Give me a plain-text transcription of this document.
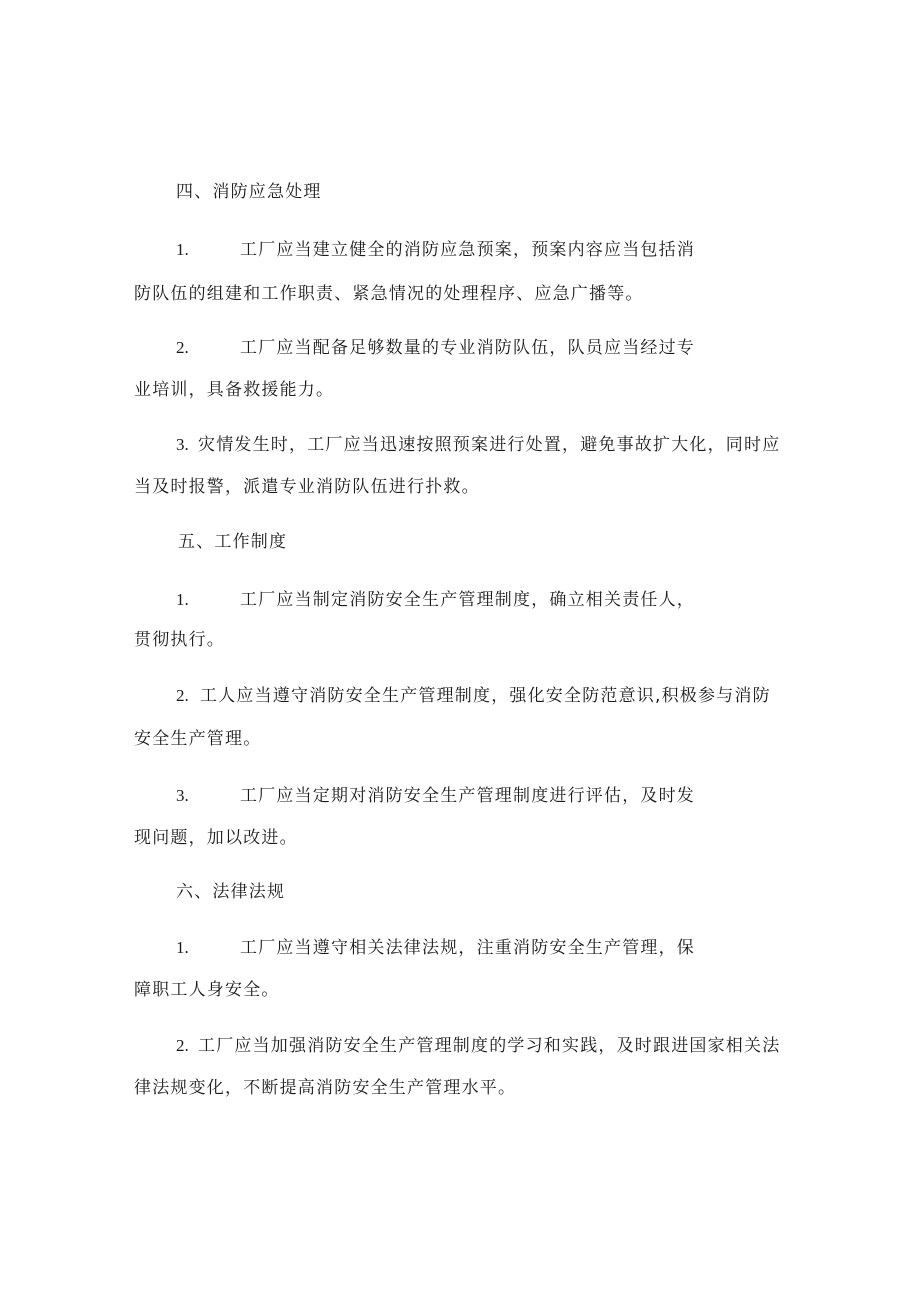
四、消防应急处理
1.	工厂应当建立健全的消防应急预案，预案内容应当包括消
防队伍的组建和工作职责、紧急情况的处理程序、应急广播等。
2.	工厂应当配备足够数量的专业消防队伍，队员应当经过专
业培训，具备救援能力。
3. 灾情发生时，工厂应当迅速按照预案进行处置，避免事故扩大化，同时应
当及时报警，派遣专业消防队伍进行扑救。
五、工作制度
1.	工厂应当制定消防安全生产管理制度，确立相关责任人，
贯彻执行。
2. 工人应当遵守消防安全生产管理制度，强化安全防范意识,积极参与消防
安全生产管理。
3.	工厂应当定期对消防安全生产管理制度进行评估，及时发
现问题，加以改进。
六、法律法规
1.	工厂应当遵守相关法律法规，注重消防安全生产管理，保
障职工人身安全。
2. 工厂应当加强消防安全生产管理制度的学习和实践，及时跟进国家相关法
律法规变化，不断提高消防安全生产管理水平。
